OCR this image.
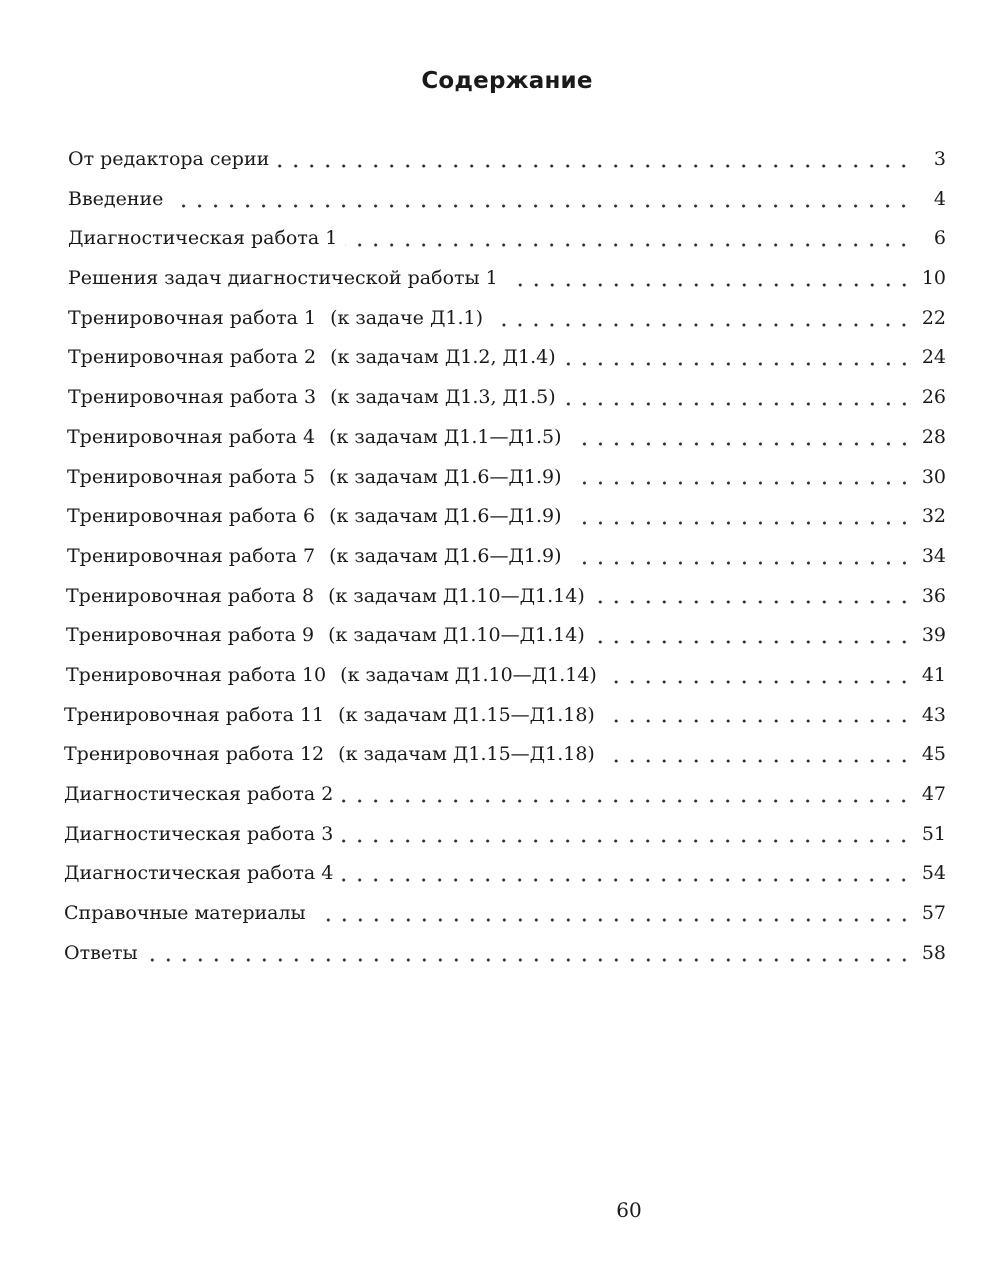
Содержание
От редактора серии	3
Введение	4
Диагностическая работа 1	6
Решения задач диагностической работы 1	10
Тренировочная работа 1 (к задаче Д1.1)	22
Тренировочная работа 2 (к задачам Д1.2, Д1.4)	24
Тренировочная работа 3 (к задачам Д1.3, Д1.5)	26
Тренировочная работа 4 (к задачам Д1.1—Д1.5)	28
Тренировочная работа 5 (к задачам Д1.6—Д1.9)	30
Тренировочная работа 6 (к задачам Д1.6—Д1.9)	32
Тренировочная работа 7 (к задачам Д1.6—Д1.9)	34
Тренировочная работа 8 (к задачам Д1.10—Д1.14)	36
Тренировочная работа 9 (к задачам Д1.10—Д1.14)	39
Тренировочная работа 10 (к задачам Д1.10—Д1.14)	41
Тренировочная работа 11 (к задачам Д1.15—Д1.18)	43
Тренировочная работа 12 (к задачам Д1.15—Д1.18)	45
Диагностическая работа 2	47
Диагностическая работа 3	51
Диагностическая работа 4	54
Справочные материалы	57
Ответы	58
60
